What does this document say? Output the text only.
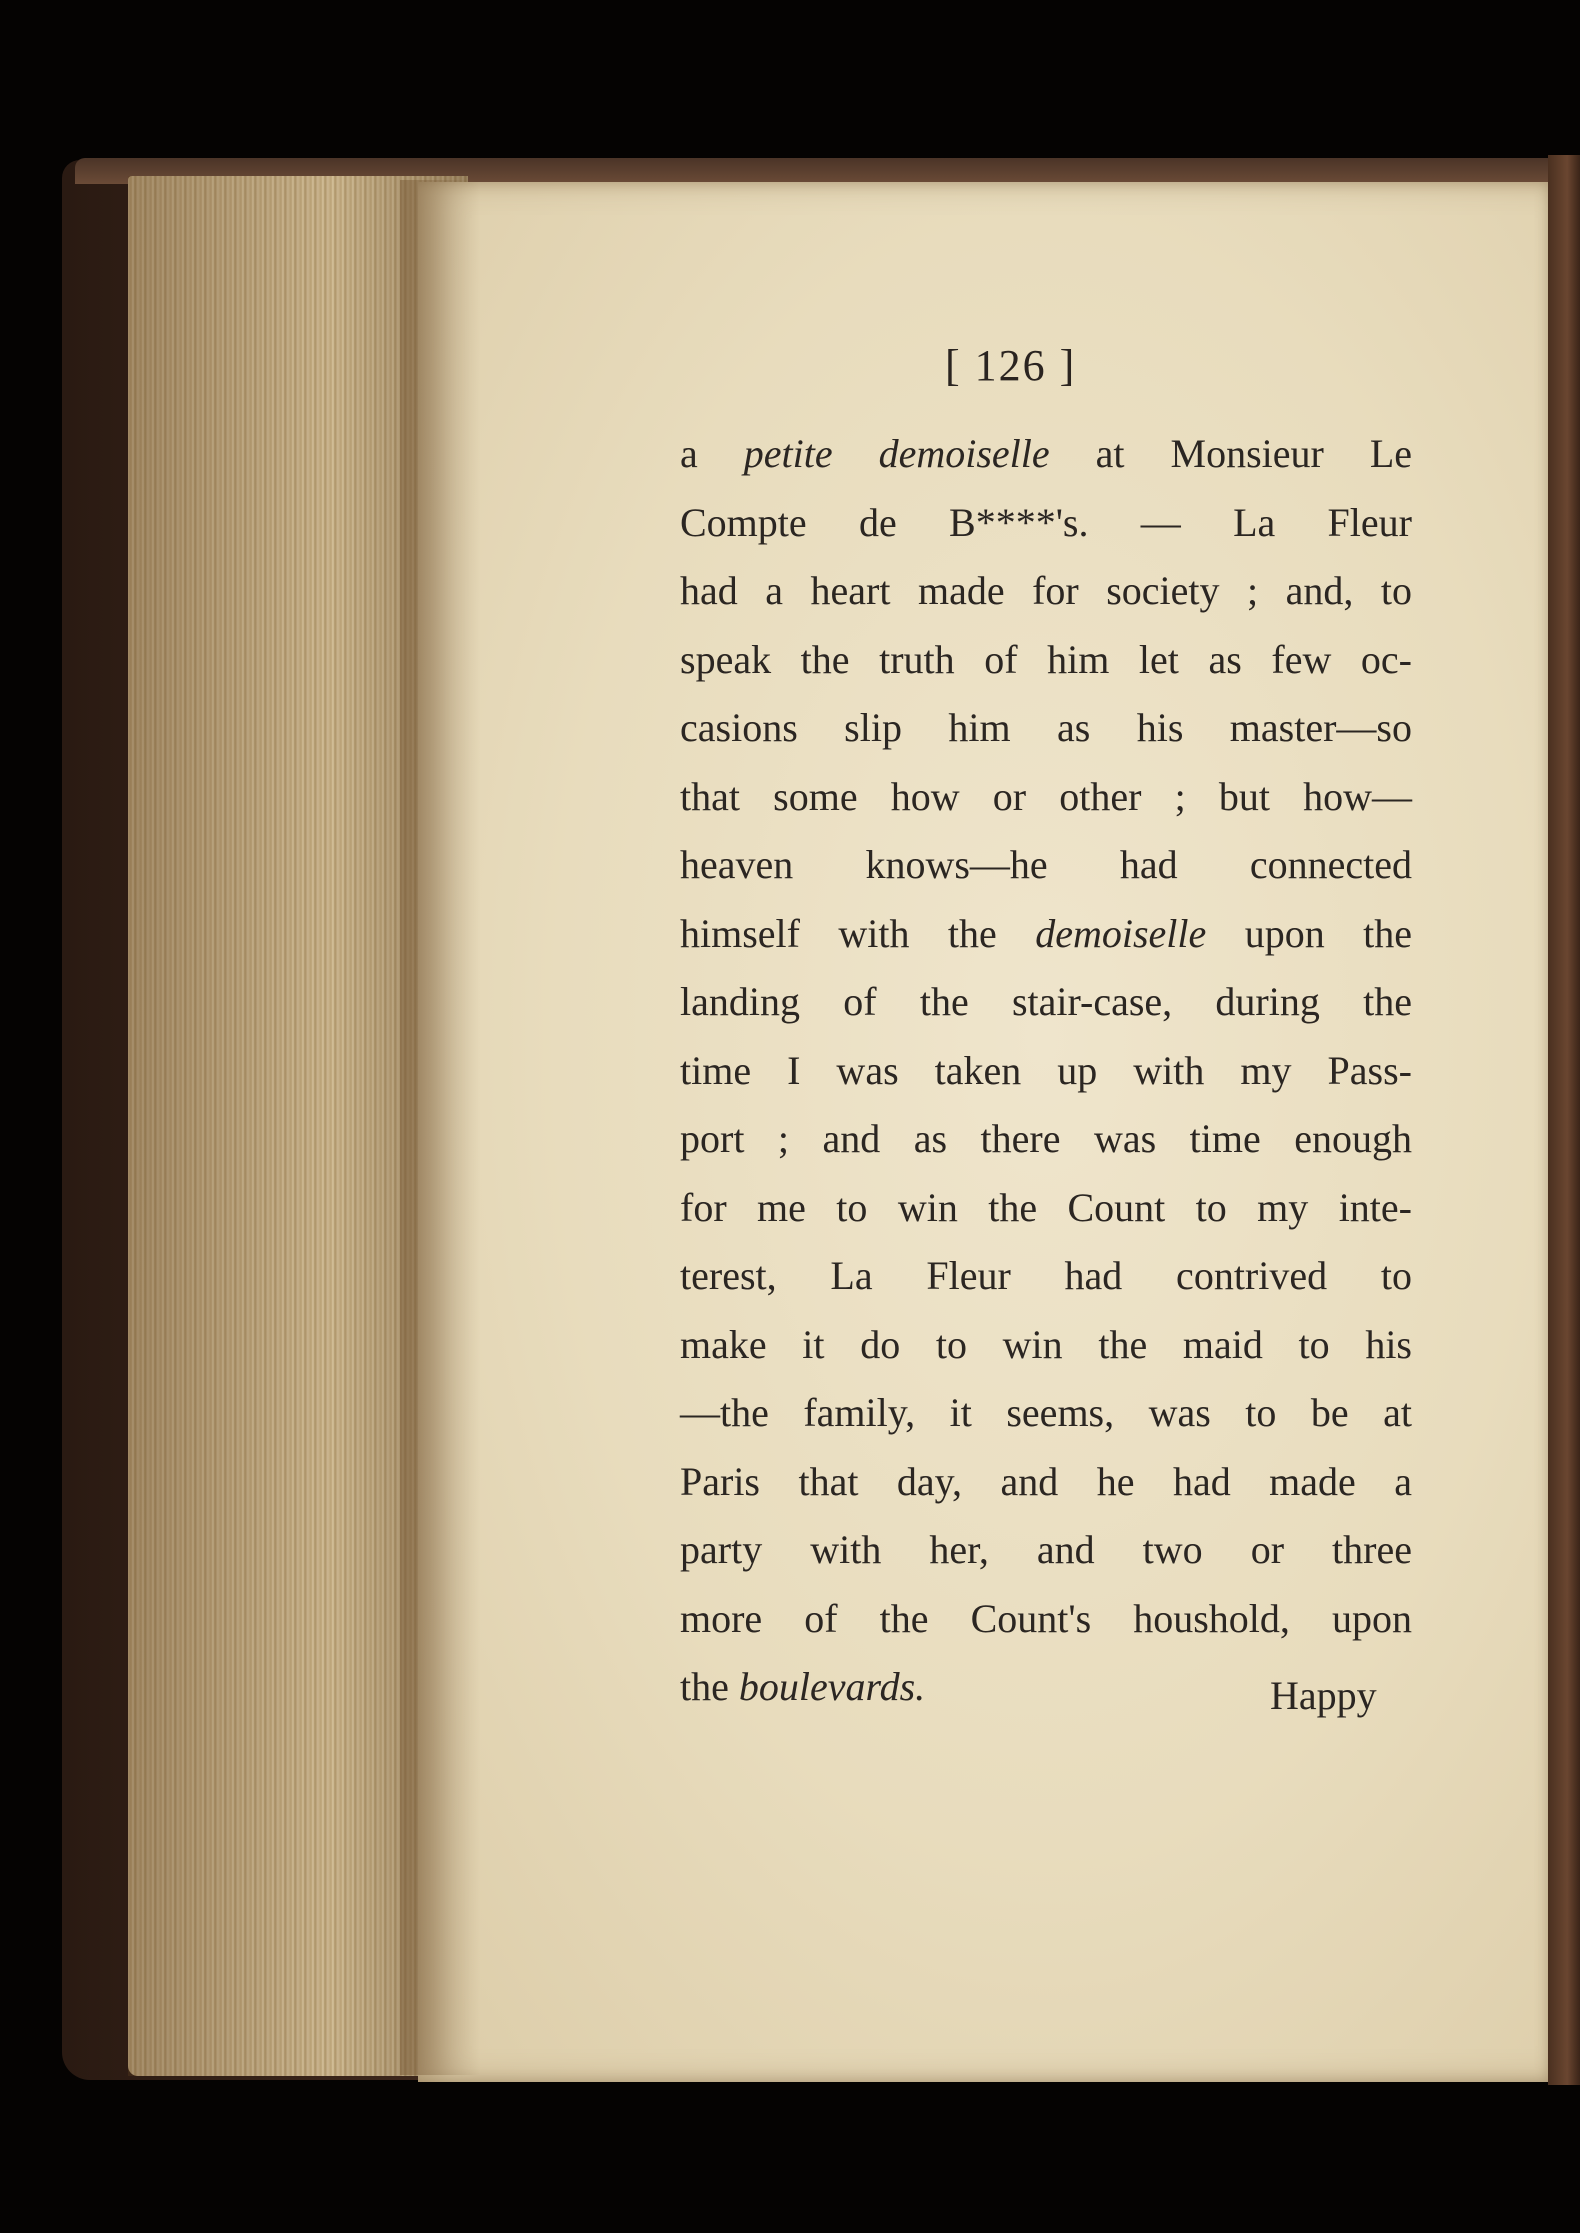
[ 126 ]
a petite demoiselle at Monsieur Le
Compte de B****'s. — La Fleur
had a heart made for society ; and, to
speak the truth of him let as few oc-
casions slip him as his master—so
that some how or other ; but how—
heaven knows—he had connected
himself with the demoiselle upon the
landing of the stair-case, during the
time I was taken up with my Pass-
port ; and as there was time enough
for me to win the Count to my inte-
terest, La Fleur had contrived to
make it do to win the maid to his
—the family, it seems, was to be at
Paris that day, and he had made a
party with her, and two or three
more of the Count's houshold, upon
the boulevards.	Happy
